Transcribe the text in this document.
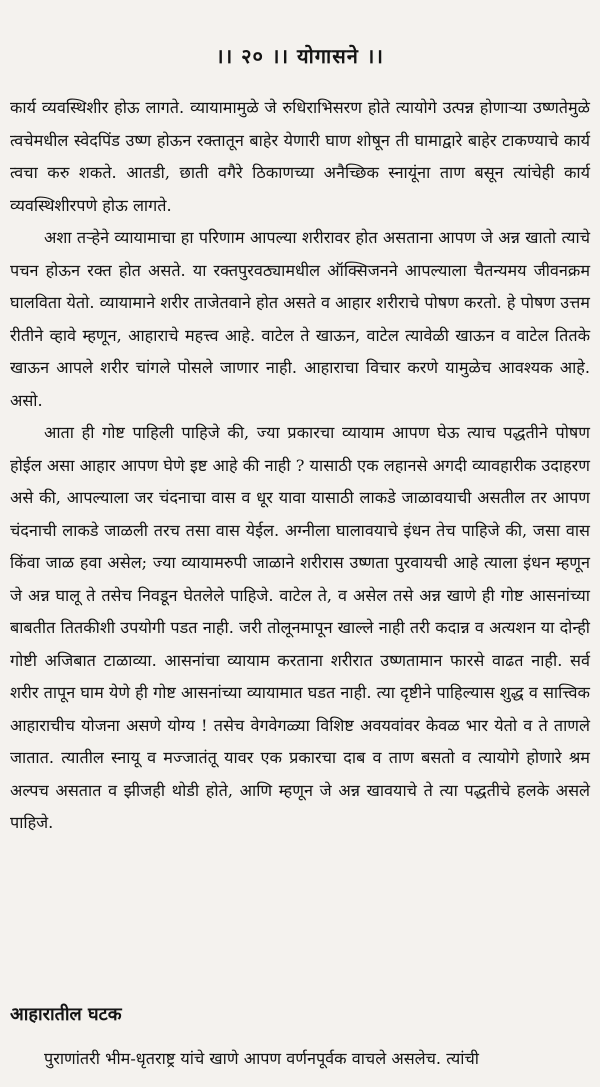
।। २० ।। योगासने ।।

कार्य व्यवस्थिशीर होऊ लागते. व्यायामामुळे जे रुधिराभिसरण होते त्यायोगे उत्पन्न होणाऱ्या उष्णतेमुळे त्वचेमधील स्वेदपिंड उष्ण होऊन रक्तातून बाहेर येणारी घाण शोषून ती घामाद्वारे बाहेर टाकण्याचे कार्य त्वचा करु शकते. आतडी, छाती वगैरे ठिकाणच्या अनैच्छिक स्नायूंना ताण बसून त्यांचेही कार्य व्यवस्थिशीरपणे होऊ लागते.

अशा तऱ्हेने व्यायामाचा हा परिणाम आपल्या शरीरावर होत असताना आपण जे अन्न खातो त्याचे पचन होऊन रक्त होत असते. या रक्तपुरवठ्यामधील ऑक्सिजनने आपल्याला चैतन्यमय जीवनक्रम घालविता येतो. व्यायामाने शरीर ताजेतवाने होत असते व आहार शरीराचे पोषण करतो. हे पोषण उत्तम रीतीने व्हावे म्हणून, आहाराचे महत्त्व आहे. वाटेल ते खाऊन, वाटेल त्यावेळी खाऊन व वाटेल तितके खाऊन आपले शरीर चांगले पोसले जाणार नाही. आहाराचा विचार करणे यामुळेच आवश्यक आहे. असो.

आता ही गोष्ट पाहिली पाहिजे की, ज्या प्रकारचा व्यायाम आपण घेऊ त्याच पद्धतीने पोषण होईल असा आहार आपण घेणे इष्ट आहे की नाही ? यासाठी एक लहानसे अगदी व्यावहारीक उदाहरण असे की, आपल्याला जर चंदनाचा वास व धूर यावा यासाठी लाकडे जाळावयाची असतील तर आपण चंदनाची लाकडे जाळली तरच तसा वास येईल. अग्नीला घालावयाचे इंधन तेच पाहिजे की, जसा वास किंवा जाळ हवा असेल; ज्या व्यायामरुपी जाळाने शरीरास उष्णता पुरवायची आहे त्याला इंधन म्हणून जे अन्न घालू ते तसेच निवडून घेतलेले पाहिजे. वाटेल ते, व असेल तसे अन्न खाणे ही गोष्ट आसनांच्या बाबतीत तितकीशी उपयोगी पडत नाही. जरी तोलूनमापून खाल्ले नाही तरी कदान्न व अत्यशन या दोन्ही गोष्टी अजिबात टाळाव्या. आसनांचा व्यायाम करताना शरीरात उष्णतामान फारसे वाढत नाही. सर्व शरीर तापून घाम येणे ही गोष्ट आसनांच्या व्यायामात घडत नाही. त्या दृष्टीने पाहिल्यास शुद्ध व सात्त्विक आहाराचीच योजना असणे योग्य ! तसेच वेगवेगळ्या विशिष्ट अवयवांवर केवळ भार येतो व ते ताणले जातात. त्यातील स्नायू व मज्जातंतू यावर एक प्रकारचा दाब व ताण बसतो व त्यायोगे होणारे श्रम अल्पच असतात व झीजही थोडी होते, आणि म्हणून जे अन्न खावयाचे ते त्या पद्धतीचे हलके असले पाहिजे.

आहारातील घटक

पुराणांतरी भीम-धृतराष्ट्र यांचे खाणे आपण वर्णनपूर्वक वाचले असलेच. त्यांची
